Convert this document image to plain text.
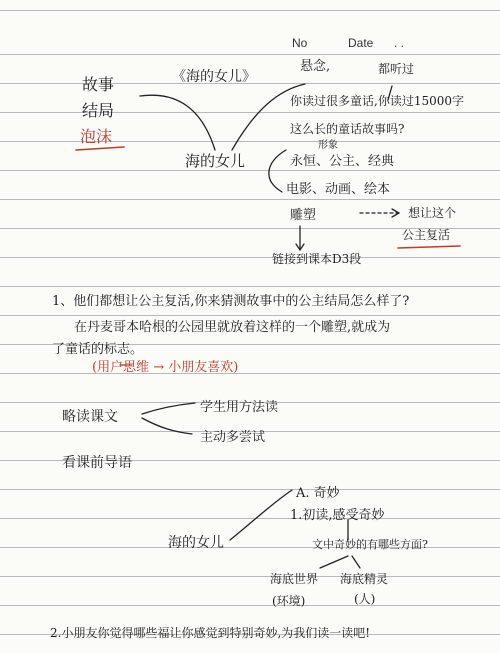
No	Date . .
《海的女儿》
故事
结局
泡沫
海的女儿
悬念,	都听过
你读过很多童话,你读过15000字
这么长的童话故事吗?
形象
永恒、公主、经典
电影、动画、绘本
雕塑	想让这个
公主复活
链接到课本D3段
1、他们都想让公主复活,你来猜测故事中的公主结局怎么样了?
在丹麦哥本哈根的公园里就放着这样的一个雕塑,就成为
了童话的标志。
(用户思维 → 小朋友喜欢)
略读课文
学生用方法读
主动多尝试
看课前导语
海的女儿
A. 奇妙
1.初读,感受奇妙
文中奇妙的有哪些方面?
海底世界
(环境)
海底精灵
(人)
2.小朋友你觉得哪些福让你感觉到特别奇妙,为我们读一读吧!
